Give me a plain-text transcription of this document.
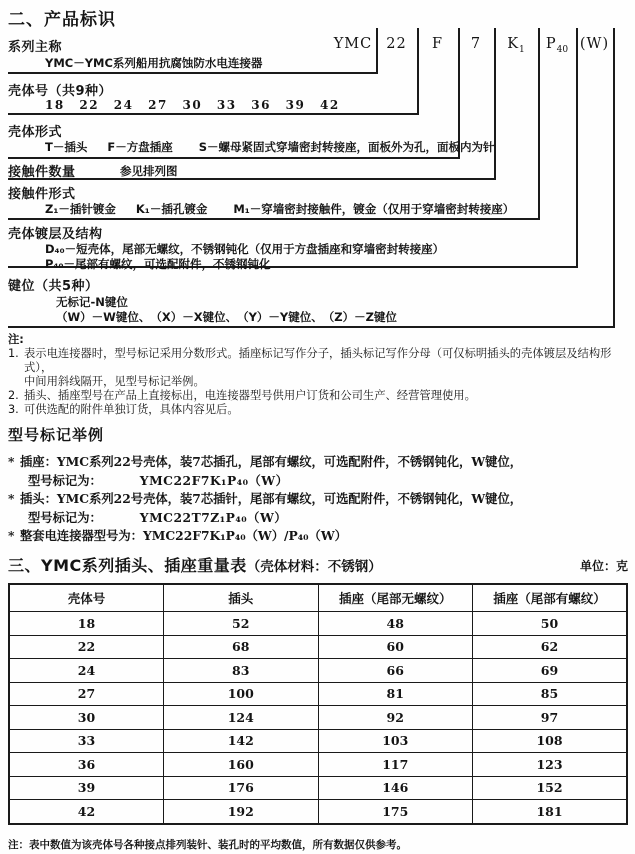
二、产品标识
YMC 22	F	7	$K_1$	$P_{40}$ (W)
系列主称
YMC－YMC系列船用抗腐蚀防水电连接器
壳体号（共9种）
18 22 24 27 30 33 36 39 42
壳体形式
T－插头 F－方盘插座 S－螺母紧固式穿墙密封转接座，面板外为孔，面板内为针
接触件数量	参见排列图
接触件形式
Z₁－插针镀金 K₁－插孔镀金 M₁－穿墙密封接触件，镀金（仅用于穿墙密封转接座）
壳体镀层及结构
D₄₀－短壳体，尾部无螺纹，不锈钢钝化（仅用于方盘插座和穿墙密封转接座）
P₄₀－尾部有螺纹，可选配附件，不锈钢钝化
键位（共5种）
无标记-N键位
（W）－W键位、　（X）－X键位、　（Y）－Y键位、　（Z）－Z键位
注:
1. 表示电连接器时，型号标记采用分数形式。插座标记写作分子，插头标记写作分母（可仅标明插头的壳体镀层及结构形式），
中间用斜线隔开，见型号标记举例。
2. 插头、插座型号在产品上直接标出，电连接器型号供用户订货和公司生产、经营管理使用。
3. 可供选配的附件单独订货，具体内容见后。
型号标记举例
* 插座：YMC系列22号壳体，装7芯插孔，尾部有螺纹，可选配附件，不锈钢钝化，W键位，
型号标记为：	YMC22F7K₁P₄₀（W）
* 插头：YMC系列22号壳体，装7芯插针，尾部有螺纹，可选配附件，不锈钢钝化，W键位，
型号标记为：	YMC22T7Z₁P₄₀（W）
* 整套电连接器型号为：YMC22F7K₁P₄₀（W）/P₄₀（W）
三、YMC系列插头、插座重量表（壳体材料：不锈钢）	单位：克
壳体号	插头	插座（尾部无螺纹）	插座（尾部有螺纹）
18	52	48	50
22	68	60	62
24	83	66	69
27	100	81	85
30	124	92	97
33	142	103	108
36	160	117	123
39	176	146	152
42	192	175	181
注：表中数值为该壳体号各种接点排列装针、装孔时的平均数值，所有数据仅供参考。
